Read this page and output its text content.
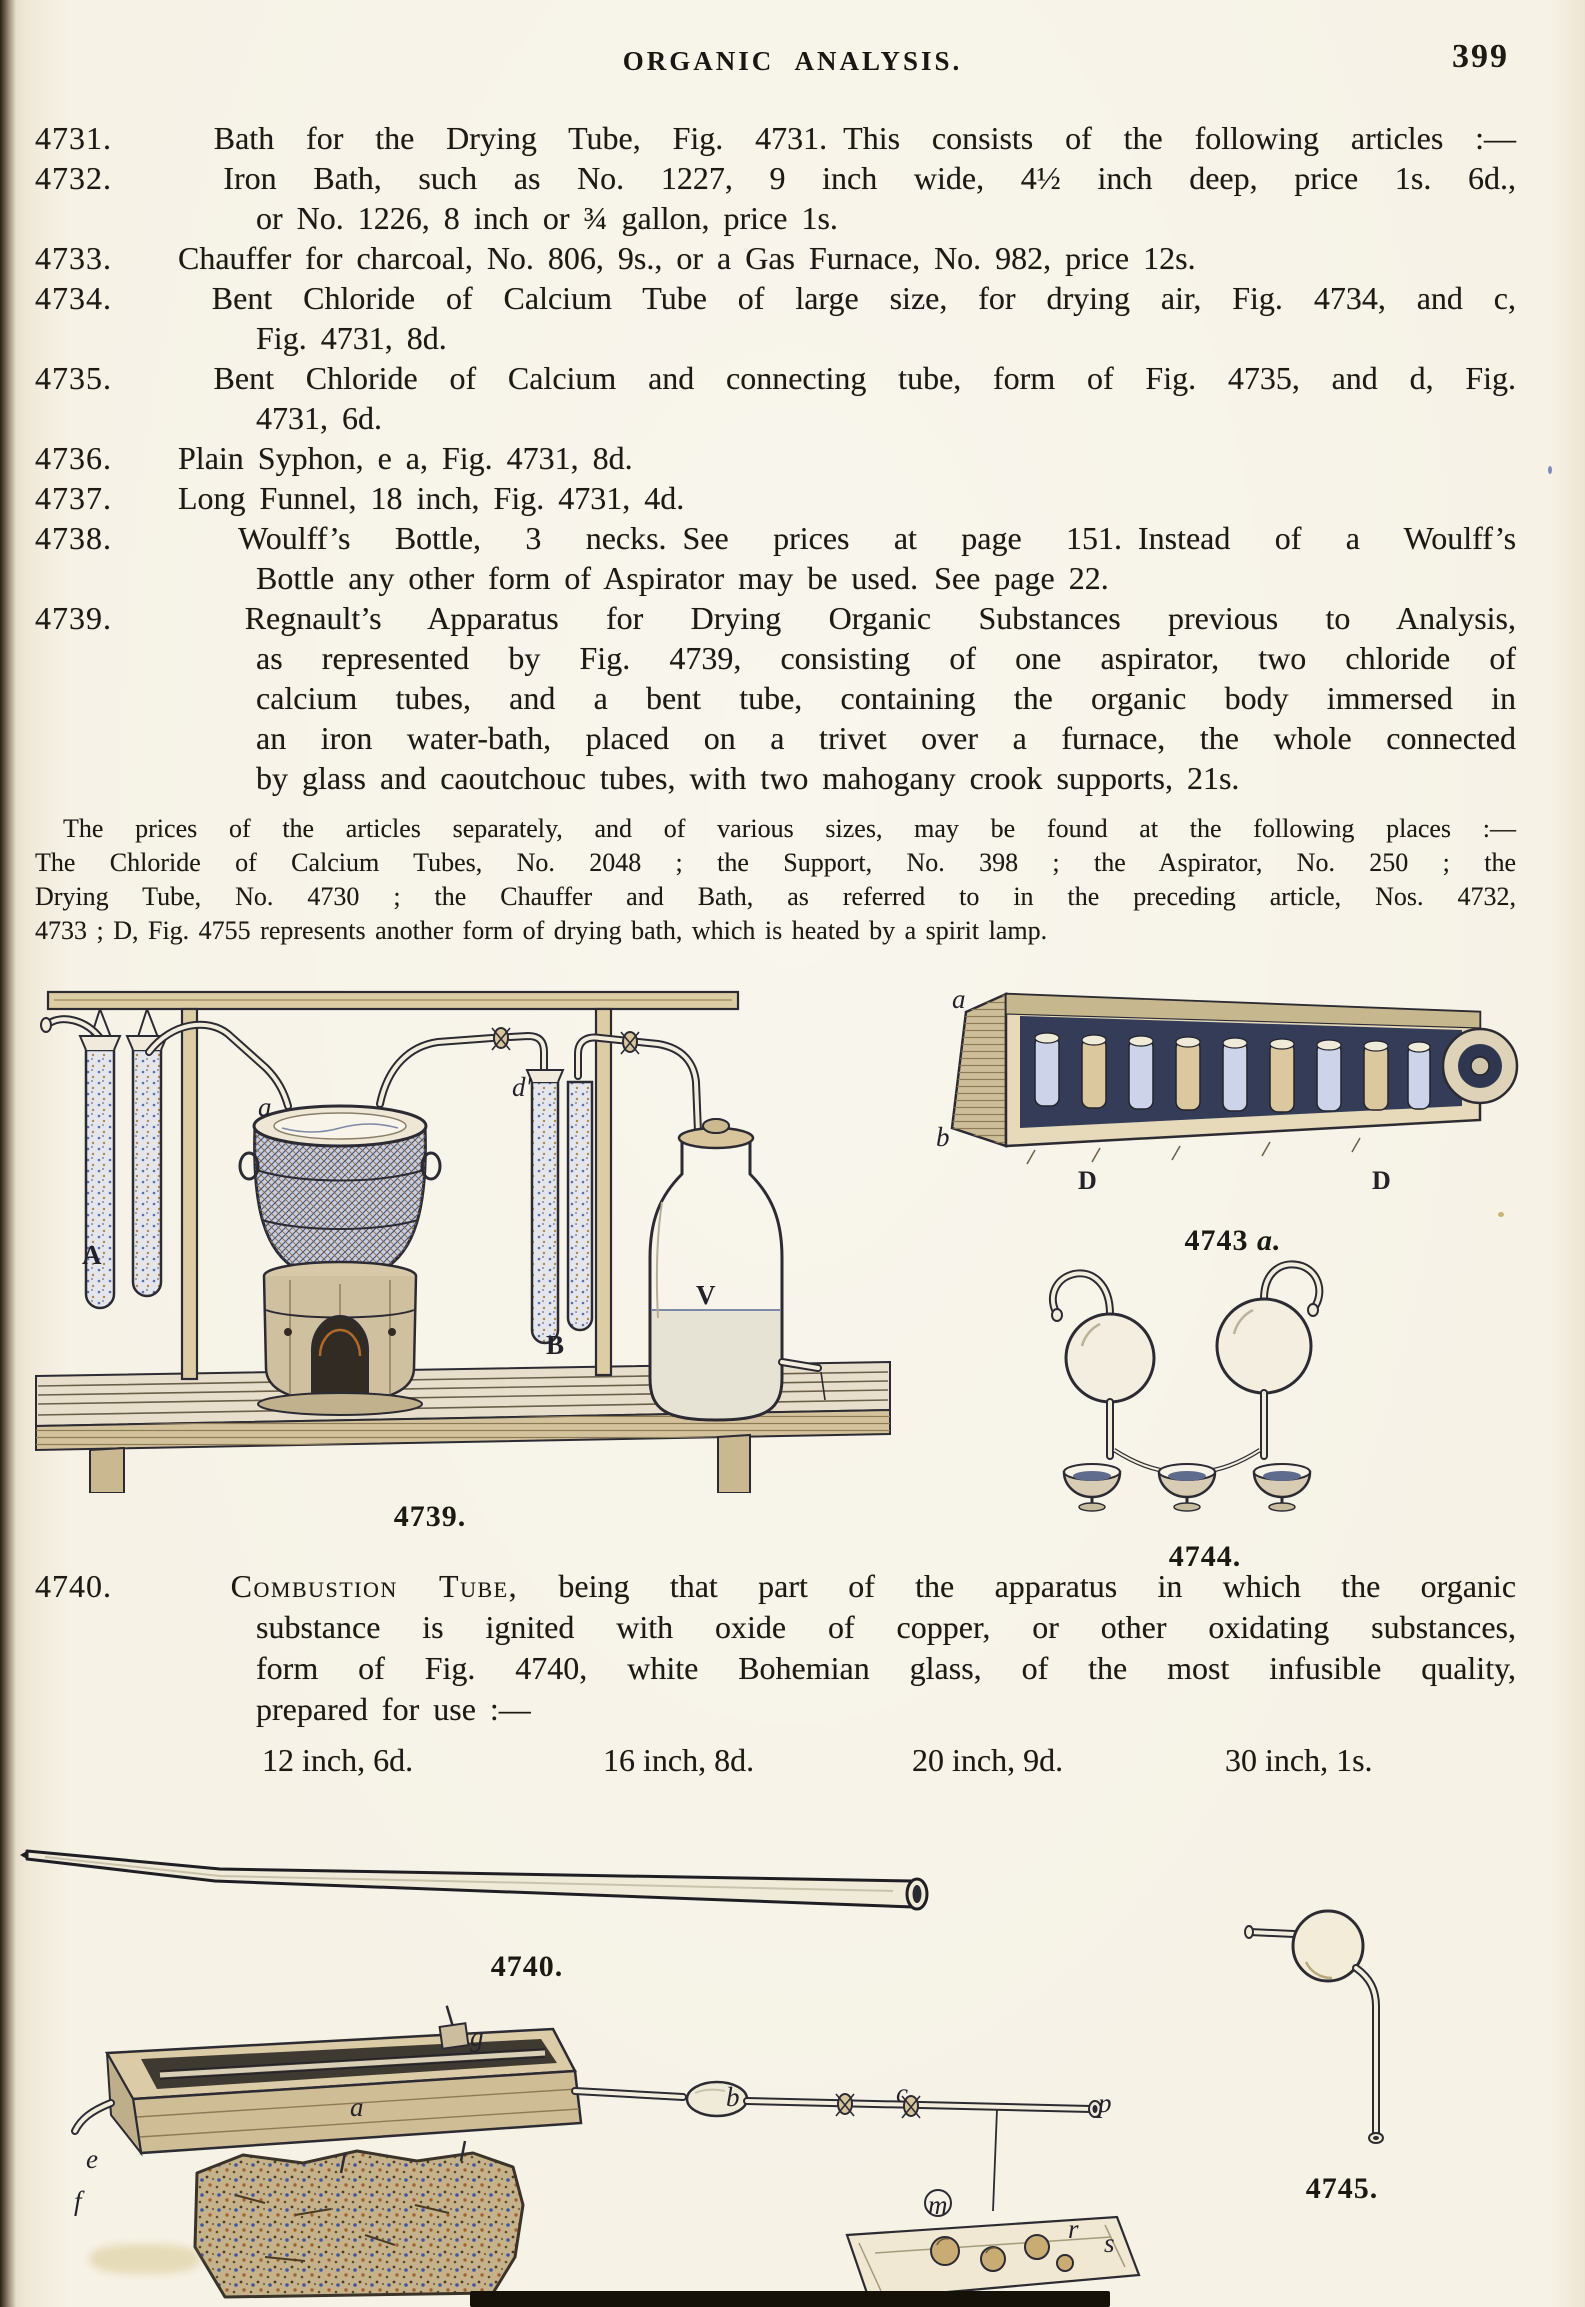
ORGANIC ANALYSIS.	399
4731.	Bath for the Drying Tube, Fig. 4731. This consists of the following articles :—
4732.	Iron Bath, such as No. 1227, 9 inch wide, 4½ inch deep, price 1s. 6d.,
or No. 1226, 8 inch or ¾ gallon, price 1s.
4733. Chauffer for charcoal, No. 806, 9s., or a Gas Furnace, No. 982, price 12s.
4734.	Bent Chloride of Calcium Tube of large size, for drying air, Fig. 4734, and c,
Fig. 4731, 8d.
4735.	Bent Chloride of Calcium and connecting tube, form of Fig. 4735, and d, Fig.
4731, 6d.
4736. Plain Syphon, e a, Fig. 4731, 8d.
4737. Long Funnel, 18 inch, Fig. 4731, 4d.
4738.	Woulff’s Bottle, 3 necks. See prices at page 151. Instead of a Woulff’s
Bottle any other form of Aspirator may be used. See page 22.
4739.	Regnault’s Apparatus for Drying Organic Substances previous to Analysis,
as represented by Fig. 4739, consisting of one aspirator, two chloride of
calcium tubes, and a bent tube, containing the organic body immersed in
an iron water-bath, placed on a trivet over a furnace, the whole connected
by glass and caoutchouc tubes, with two mahogany crook supports, 21s.
The prices of the articles separately, and of various sizes, may be found at the following places :—
The Chloride of Calcium Tubes, No. 2048 ; the Support, No. 398 ; the Aspirator, No. 250 ; the
Drying Tube, No. 4730 ; the Chauffer and Bath, as referred to in the preceding article, Nos. 4732,
4733 ; D, Fig. 4755 represents another form of drying bath, which is heated by a spirit lamp.
4739.
4743 a.
4744.
4740.
4745.
A
a
d′
B
V
a
b
D	D
g
a	b	c
e
f	m
p
r s
4740.	Combustion Tube, being that part of the apparatus in which the organic
substance is ignited with oxide of copper, or other oxidating substances,
form of Fig. 4740, white Bohemian glass, of the most infusible quality,
prepared for use :—
12 inch, 6d.	16 inch, 8d.	20 inch, 9d.	30 inch, 1s.
